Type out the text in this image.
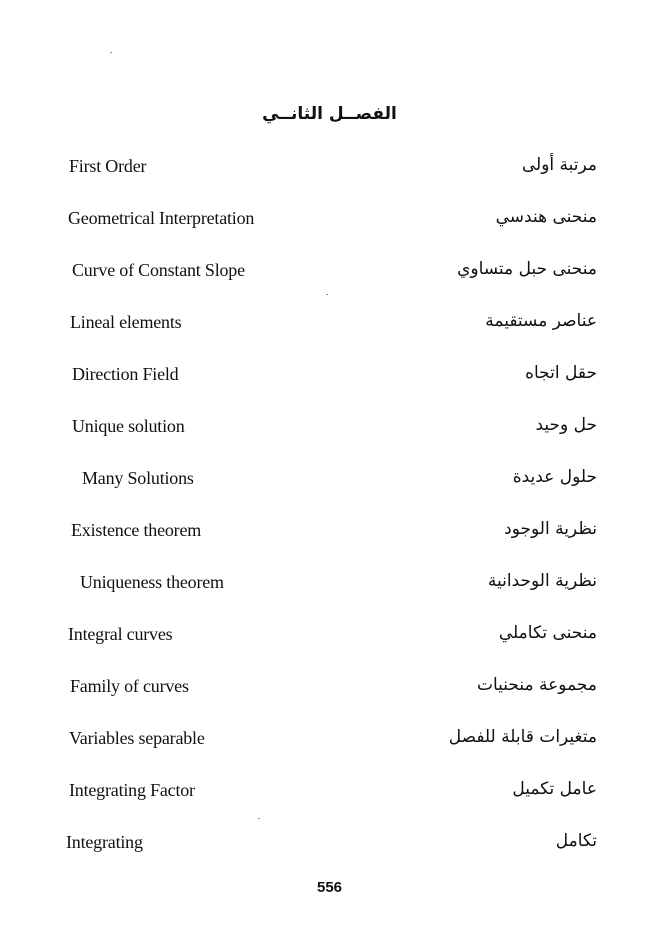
الفصــل الثانــي
First Order	مرتبة أولى
Geometrical Interpretation	منحنى هندسي
Curve of Constant Slope	منحنى حبل متساوي
Lineal elements	عناصر مستقيمة
Direction Field	حقل اتجاه
Unique solution	حل وحيد
Many Solutions	حلول عديدة
Existence theorem	نظرية الوجود
Uniqueness theorem	نظرية الوحدانية
Integral curves	منحنى تكاملي
Family of curves	مجموعة منحنيات
Variables separable	متغيرات قابلة للفصل
Integrating Factor	عامل تكميل
Integrating	تكامل
556
